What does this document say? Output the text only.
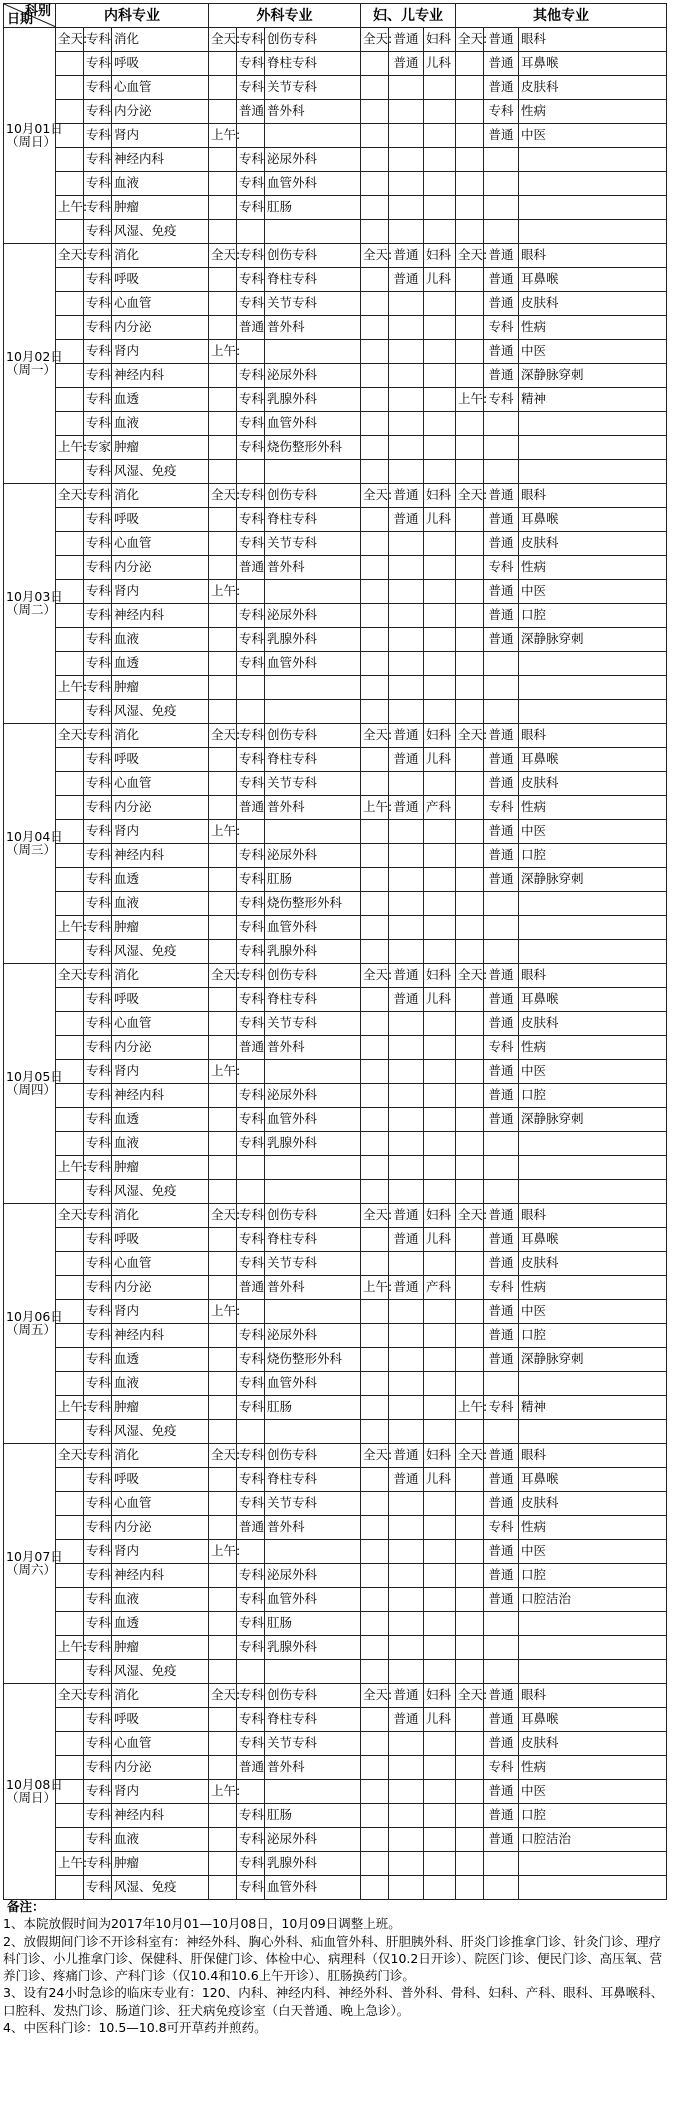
科别
日期	内科专业			外科专业			妇、儿专业			其他专业		
10月01日
（周日）	全天:	专科	消化	全天:	专科	创伤专科	全天:	普通	妇科	全天:	普通	眼科
		专科	呼吸		专科	脊柱专科		普通	儿科		普通	耳鼻喉
		专科	心血管		专科	关节专科					普通	皮肤科
		专科	内分泌		普通	普外科					专科	性病
		专科	肾内	上午:							普通	中医
		专科	神经内科		专科	泌尿外科						
		专科	血液		专科	血管外科						
	上午:	专科	肿瘤		专科	肛肠						
		专科	风湿、免疫									
10月02日
（周一）	全天:	专科	消化	全天:	专科	创伤专科	全天:	普通	妇科	全天:	普通	眼科
		专科	呼吸		专科	脊柱专科		普通	儿科		普通	耳鼻喉
		专科	心血管		专科	关节专科					普通	皮肤科
		专科	内分泌		普通	普外科					专科	性病
		专科	肾内	上午:							普通	中医
		专科	神经内科		专科	泌尿外科					普通	深静脉穿刺
		专科	血透		专科	乳腺外科				上午:	专科	精神
		专科	血液		专科	血管外科						
	上午:	专家	肿瘤		专科	烧伤整形外科						
		专科	风湿、免疫									
10月03日
（周二）	全天:	专科	消化	全天:	专科	创伤专科	全天:	普通	妇科	全天:	普通	眼科
		专科	呼吸		专科	脊柱专科		普通	儿科		普通	耳鼻喉
		专科	心血管		专科	关节专科					普通	皮肤科
		专科	内分泌		普通	普外科					专科	性病
		专科	肾内	上午:							普通	中医
		专科	神经内科		专科	泌尿外科					普通	口腔
		专科	血液		专科	乳腺外科					普通	深静脉穿刺
		专科	血透		专科	血管外科						
	上午:	专科	肿瘤									
		专科	风湿、免疫									
10月04日
（周三）	全天:	专科	消化	全天:	专科	创伤专科	全天:	普通	妇科	全天:	普通	眼科
		专科	呼吸		专科	脊柱专科		普通	儿科		普通	耳鼻喉
		专科	心血管		专科	关节专科					普通	皮肤科
		专科	内分泌		普通	普外科	上午:	普通	产科		专科	性病
		专科	肾内	上午:							普通	中医
		专科	神经内科		专科	泌尿外科					普通	口腔
		专科	血透		专科	肛肠					普通	深静脉穿刺
		专科	血液		专科	烧伤整形外科						
	上午:	专科	肿瘤		专科	血管外科						
		专科	风湿、免疫		专科	乳腺外科						
10月05日
（周四）	全天:	专科	消化	全天:	专科	创伤专科	全天:	普通	妇科	全天:	普通	眼科
		专科	呼吸		专科	脊柱专科		普通	儿科		普通	耳鼻喉
		专科	心血管		专科	关节专科					普通	皮肤科
		专科	内分泌		普通	普外科					专科	性病
		专科	肾内	上午:							普通	中医
		专科	神经内科		专科	泌尿外科					普通	口腔
		专科	血透		专科	血管外科					普通	深静脉穿刺
		专科	血液		专科	乳腺外科						
	上午:	专科	肿瘤									
		专科	风湿、免疫									
10月06日
（周五）	全天:	专科	消化	全天:	专科	创伤专科	全天:	普通	妇科	全天:	普通	眼科
		专科	呼吸		专科	脊柱专科		普通	儿科		普通	耳鼻喉
		专科	心血管		专科	关节专科					普通	皮肤科
		专科	内分泌		普通	普外科	上午:	普通	产科		专科	性病
		专科	肾内	上午:							普通	中医
		专科	神经内科		专科	泌尿外科					普通	口腔
		专科	血透		专科	烧伤整形外科					普通	深静脉穿刺
		专科	血液		专科	血管外科						
	上午:	专科	肿瘤		专科	肛肠				上午:	专科	精神
		专科	风湿、免疫									
10月07日
（周六）	全天:	专科	消化	全天:	专科	创伤专科	全天:	普通	妇科	全天:	普通	眼科
		专科	呼吸		专科	脊柱专科		普通	儿科		普通	耳鼻喉
		专科	心血管		专科	关节专科					普通	皮肤科
		专科	内分泌		普通	普外科					专科	性病
		专科	肾内	上午:							普通	中医
		专科	神经内科		专科	泌尿外科					普通	口腔
		专科	血液		专科	血管外科					普通	口腔洁治
		专科	血透		专科	肛肠						
	上午:	专科	肿瘤		专科	乳腺外科						
		专科	风湿、免疫									
10月08日
（周日）	全天:	专科	消化	全天:	专科	创伤专科	全天:	普通	妇科	全天:	普通	眼科
		专科	呼吸		专科	脊柱专科		普通	儿科		普通	耳鼻喉
		专科	心血管		专科	关节专科					普通	皮肤科
		专科	内分泌		普通	普外科					专科	性病
		专科	肾内	上午:							普通	中医
		专科	神经内科		专科	肛肠					普通	口腔
		专科	血液		专科	泌尿外科					普通	口腔洁治
	上午:	专科	肿瘤		专科	乳腺外科						
		专科	风湿、免疫		专科	血管外科						

备注：

1、本院放假时间为2017年10月01—10月08日，10月09日调整上班。

2、放假期间门诊不开诊科室有：神经外科、胸心外科、疝血管外科、肝胆胰外科、肝炎门诊推拿门诊、针灸门诊、理疗科门诊、小儿推拿门诊、保健科、肝保健门诊、体检中心、病理科（仅10.2日开诊）、院医门诊、便民门诊、高压氧、营养门诊、疼痛门诊、产科门诊（仅10.4和10.6上午开诊）、肛肠换药门诊。

3、设有24小时急诊的临床专业有：120、内科、神经内科、神经外科、普外科、骨科、妇科、产科、眼科、耳鼻喉科、口腔科、发热门诊、肠道门诊、狂犬病免疫诊室（白天普通、晚上急诊）。

4、中医科门诊：10.5—10.8可开草药并煎药。
